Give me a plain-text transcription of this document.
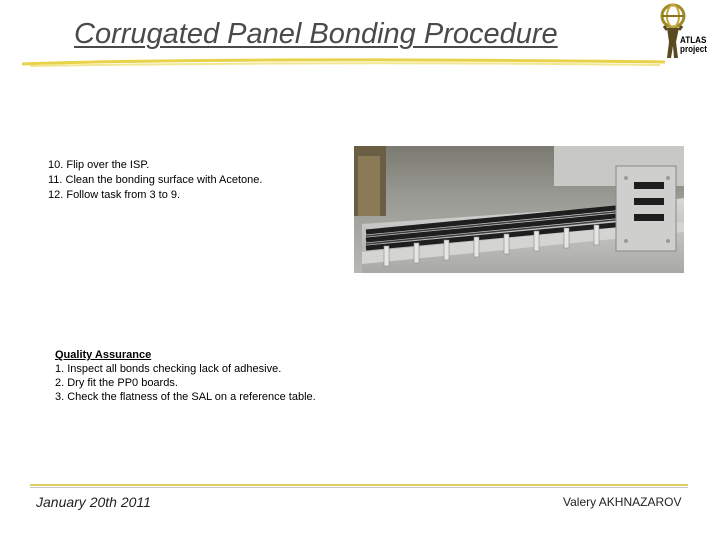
Corrugated Panel Bonding Procedure	ATLAS
project
10. Flip over the ISP.
11. Clean the bonding surface with Acetone.
12. Follow task from 3 to 9.
Quality Assurance
1. Inspect all bonds checking lack of adhesive.
2. Dry fit the PP0 boards.
3. Check the flatness of the SAL on a reference table.
January 20th 2011	Valery AKHNAZAROV
